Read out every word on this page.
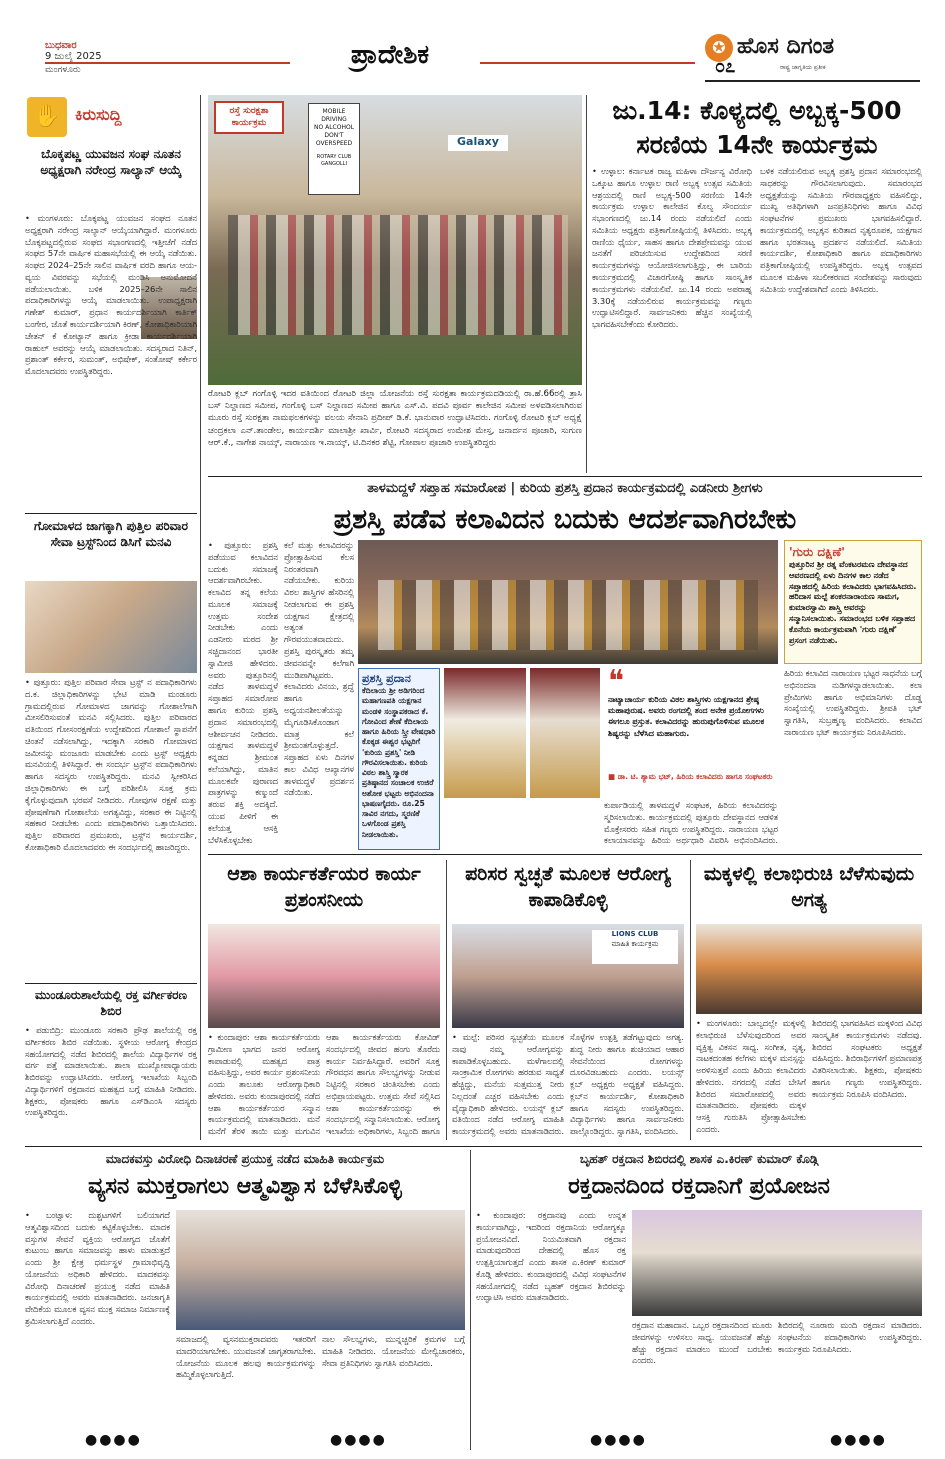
ಬುಧವಾರ
9 ಜುಲೈ 2025
ಮಂಗಳೂರು	ಪ್ರಾದೇಶಿಕ	✪ ಹೊಸ ದಿಗಂತ
ರಾಷ್ಟ್ರ ಜಾಗೃತಿಯ ಪ್ರತೀಕ
೦೭
✋ ಕಿರುಸುದ್ದಿ
ಬೊಕ್ಕಪಟ್ಣ ಯುವಜನ ಸಂಘ ನೂತನ ಅಧ್ಯಕ್ಷರಾಗಿ ನರೇಂದ್ರ ಸಾಲ್ಯಾನ್ ಆಯ್ಕೆ
• ಮಂಗಳೂರು: ಬೊಕ್ಕಪಟ್ಣ ಯುವಜನ ಸಂಘದ ನೂತನ ಅಧ್ಯಕ್ಷರಾಗಿ ನರೇಂದ್ರ ಸಾಲ್ಯಾನ್ ಆಯ್ಕೆಯಾಗಿದ್ದಾರೆ. ಮಂಗಳೂರು ಬೊಕ್ಕಪಟ್ಣದಲ್ಲಿರುವ ಸಂಘದ ಸಭಾಂಗಣದಲ್ಲಿ ಇತ್ತೀಚೆಗೆ ನಡೆದ ಸಂಘದ 57ನೇ ವಾರ್ಷಿಕ ಮಹಾಸಭೆಯಲ್ಲಿ ಈ ಆಯ್ಕೆ ನಡೆಯಿತು. ಸಂಘದ 2024–25ನೇ ಸಾಲಿನ ವಾರ್ಷಿಕ ವರದಿ ಹಾಗೂ ಆಯ-ವ್ಯಯ ವಿವರವನ್ನು ಸಭೆಯಲ್ಲಿ ಮಂಡಿಸಿ ಅನುಮೋದನೆ ಪಡೆಯಲಾಯಿತು. ಬಳಿಕ 2025–26ನೇ ಸಾಲಿನ ಪದಾಧಿಕಾರಿಗಳನ್ನು ಆಯ್ಕೆ ಮಾಡಲಾಯಿತು. ಉಪಾಧ್ಯಕ್ಷರಾಗಿ ಗಣೇಶ್ ಕುಮಾರ್, ಪ್ರಧಾನ ಕಾರ್ಯದರ್ಶಿಯಾಗಿ ಕಾರ್ತಿಕ್ ಬಂಗೇರ, ಜೊತೆ ಕಾರ್ಯದರ್ಶಿಯಾಗಿ ಕಿರಣ್, ಕೋಶಾಧಿಕಾರಿಯಾಗಿ ಚೇತನ್ ಕೆ ಕೋಟ್ಯಾನ್ ಹಾಗೂ ಕ್ರೀಡಾ ಕಾರ್ಯದರ್ಶಿಯಾಗಿ ರಾಹುಲ್ ಅವರನ್ನು ಆಯ್ಕೆ ಮಾಡಲಾಯಿತು. ಸದಸ್ಯರಾದ ನಿತಿನ್, ಪ್ರಶಾಂತ್ ಕರ್ಕೇರ, ಸುಮಂತ್, ಅಭಿಷೇಕ್, ಸಂತೋಷ್ ಕರ್ಕೇರ ಮೊದಲಾದವರು ಉಪಸ್ಥಿತರಿದ್ದರು.
ಗೋಮಾಳದ ಜಾಗಕ್ಕಾಗಿ ಪುತ್ತಿಲ ಪರಿವಾರ ಸೇವಾ ಟ್ರಸ್ಟ್‌ನಿಂದ ಡಿಸಿಗೆ ಮನವಿ
• ಪುತ್ತೂರು: ಪುತ್ತಿಲ ಪರಿವಾರ ಸೇವಾ ಟ್ರಸ್ಟ್ ನ ಪದಾಧಿಕಾರಿಗಳು ದ.ಕ. ಜಿಲ್ಲಾಧಿಕಾರಿಗಳನ್ನು ಭೇಟಿ ಮಾಡಿ ಮಂಡೂರು ಗ್ರಾಮದಲ್ಲಿರುವ ಗೋಮಾಳದ ಜಾಗವನ್ನು ಗೋಶಾಲೆಗಾಗಿ ಮೀಸಲಿರಿಸುವಂತೆ ಮನವಿ ಸಲ್ಲಿಸಿದರು. ಪುತ್ತಿಲ ಪರಿವಾರದ ವತಿಯಿಂದ ಗೋಸಂರಕ್ಷಣೆಯ ಉದ್ದೇಶದಿಂದ ಗೋಶಾಲೆ ಸ್ಥಾಪನೆಗೆ ಚಿಂತನೆ ನಡೆಸಲಾಗಿದ್ದು, ಇದಕ್ಕಾಗಿ ಸರಕಾರಿ ಗೋಮಾಳದ ಜಮೀನನ್ನು ಮಂಜೂರು ಮಾಡಬೇಕು ಎಂದು ಟ್ರಸ್ಟ್ ಅಧ್ಯಕ್ಷರು ಮನವಿಯಲ್ಲಿ ತಿಳಿಸಿದ್ದಾರೆ. ಈ ಸಂದರ್ಭ ಟ್ರಸ್ಟ್‌ನ ಪದಾಧಿಕಾರಿಗಳು ಹಾಗೂ ಸದಸ್ಯರು ಉಪಸ್ಥಿತರಿದ್ದರು. ಮನವಿ ಸ್ವೀಕರಿಸಿದ ಜಿಲ್ಲಾಧಿಕಾರಿಗಳು ಈ ಬಗ್ಗೆ ಪರಿಶೀಲಿಸಿ ಸೂಕ್ತ ಕ್ರಮ ಕೈಗೊಳ್ಳುವುದಾಗಿ ಭರವಸೆ ನೀಡಿದರು. ಗೋವುಗಳ ರಕ್ಷಣೆ ಮತ್ತು ಪೋಷಣೆಗಾಗಿ ಗೋಶಾಲೆಯ ಅಗತ್ಯವಿದ್ದು, ಸರಕಾರ ಈ ನಿಟ್ಟಿನಲ್ಲಿ ಸಹಕಾರ ನೀಡಬೇಕು ಎಂದು ಪದಾಧಿಕಾರಿಗಳು ಒತ್ತಾಯಿಸಿದರು. ಪುತ್ತಿಲ ಪರಿವಾರದ ಪ್ರಮುಖರು, ಟ್ರಸ್ಟ್‌ನ ಕಾರ್ಯದರ್ಶಿ, ಕೋಶಾಧಿಕಾರಿ ಮೊದಲಾದವರು ಈ ಸಂದರ್ಭದಲ್ಲಿ ಹಾಜರಿದ್ದರು.
ಮುಂಡೂರುಶಾಲೆಯಲ್ಲಿ ರಕ್ತ ವರ್ಗೀಕರಣ ಶಿಬಿರ
• ಪಡುಬಿದ್ರಿ: ಮುಂಡೂರು ಸರಕಾರಿ ಪ್ರೌಢ ಶಾಲೆಯಲ್ಲಿ ರಕ್ತ ವರ್ಗೀಕರಣ ಶಿಬಿರ ನಡೆಯಿತು. ಸ್ಥಳೀಯ ಆರೋಗ್ಯ ಕೇಂದ್ರದ ಸಹಯೋಗದಲ್ಲಿ ನಡೆದ ಶಿಬಿರದಲ್ಲಿ ಶಾಲೆಯ ವಿದ್ಯಾರ್ಥಿಗಳ ರಕ್ತ ವರ್ಗ ಪತ್ತೆ ಮಾಡಲಾಯಿತು. ಶಾಲಾ ಮುಖ್ಯೋಪಾಧ್ಯಾಯರು ಶಿಬಿರವನ್ನು ಉದ್ಘಾಟಿಸಿದರು. ಆರೋಗ್ಯ ಇಲಾಖೆಯ ಸಿಬ್ಬಂದಿ ವಿದ್ಯಾರ್ಥಿಗಳಿಗೆ ರಕ್ತದಾನದ ಮಹತ್ವದ ಬಗ್ಗೆ ಮಾಹಿತಿ ನೀಡಿದರು. ಶಿಕ್ಷಕರು, ಪೋಷಕರು ಹಾಗೂ ಎಸ್‌ಡಿಎಂಸಿ ಸದಸ್ಯರು ಉಪಸ್ಥಿತರಿದ್ದರು.
ರಸ್ತೆ ಸುರಕ್ಷತಾ ಕಾರ್ಯಕ್ರಮ
MOBILE
DRIVING
NO ALCOHOL
DON'T
OVERSPEED
ROTARY CLUB GANGOLLI
Galaxy
ರೋಟರಿ ಕ್ಲಬ್ ಗಂಗೊಳ್ಳಿ ಇದರ ವತಿಯಿಂದ ರೋಟರಿ ಜಿಲ್ಲಾ ಯೋಜನೆಯ ರಸ್ತೆ ಸುರಕ್ಷತಾ ಕಾರ್ಯಕ್ರಮದಡಿಯಲ್ಲಿ ರಾ.ಹೆ.66ರಲ್ಲಿ ತ್ರಾಸಿ ಬಸ್ ನಿಲ್ದಾಣದ ಸಮೀಪ, ಗಂಗೊಳ್ಳಿ ಬಸ್ ನಿಲ್ದಾಣದ ಸಮೀಪ ಹಾಗೂ ಎಸ್.ವಿ. ಪದವಿ ಪೂರ್ವ ಕಾಲೇಜಿನ ಸಮೀಪ ಅಳವಡಿಸಲಾಗಿರುವ ಮೂರು ರಸ್ತೆ ಸುರಕ್ಷತಾ ನಾಮಫಲಕಗಳನ್ನು ವಲಯ ಸೇನಾನಿ ಪ್ರದೀಪ್ ಡಿ.ಕೆ. ಭಾನುವಾರ ಉದ್ಘಾಟಿಸಿದರು. ಗಂಗೊಳ್ಳಿ ರೋಟರಿ ಕ್ಲಬ್ ಅಧ್ಯಕ್ಷೆ ಚಂದ್ರಕಲಾ ಎನ್.ತಾಂಡೇಲ, ಕಾರ್ಯದರ್ಶಿ ಮಾಲಾಶ್ರೀ ಖಾರ್ವಿ, ರೋಟರಿ ಸದಸ್ಯರಾದ ಉಮೇಶ ಮೇಸ್ತ, ಜನಾರ್ದನ ಪೂಜಾರಿ, ಸುಗುಣ ಆರ್.ಕೆ., ನಾಗೇಶ ನಾಯ್ಕ್, ನಾರಾಯಣ ಇ.ನಾಯ್ಕ್, ಟಿ.ದಿನಕರ ಶೆಟ್ಟಿ, ಗೋಪಾಲ ಪೂಜಾರಿ ಉಪಸ್ಥಿತರಿದ್ದರು
ಜು.14: ಕೊಳ್ಯದಲ್ಲಿ ಅಬ್ಬಕ್ಕ-500
ಸರಣಿಯ 14ನೇ ಕಾರ್ಯಕ್ರಮ
• ಉಳ್ಳಾಲ: ಕರ್ನಾಟಕ ರಾಜ್ಯ ಮಹಿಳಾ ದೌರ್ಜನ್ಯ ವಿರೋಧಿ ಒಕ್ಕೂಟ ಹಾಗೂ ಉಳ್ಳಾಲ ರಾಣಿ ಅಬ್ಬಕ್ಕ ಉತ್ಸವ ಸಮಿತಿಯ ಆಶ್ರಯದಲ್ಲಿ ರಾಣಿ ಅಬ್ಬಕ್ಕ-500 ಸರಣಿಯ 14ನೇ ಕಾರ್ಯಕ್ರಮ ಉಳ್ಳಾಲ ಕಾಲೇಜಿನ ಕೊಲ್ಯ ಸೌಂದರ್ಯ ಸಭಾಂಗಣದಲ್ಲಿ ಜು.14 ರಂದು ನಡೆಯಲಿದೆ ಎಂದು ಸಮಿತಿಯ ಅಧ್ಯಕ್ಷರು ಪತ್ರಿಕಾಗೋಷ್ಠಿಯಲ್ಲಿ ತಿಳಿಸಿದರು. ಅಬ್ಬಕ್ಕ ರಾಣಿಯ ಧೈರ್ಯ, ಸಾಹಸ ಹಾಗೂ ದೇಶಪ್ರೇಮವನ್ನು ಯುವ ಜನತೆಗೆ ಪರಿಚಯಿಸುವ ಉದ್ದೇಶದಿಂದ ಸರಣಿ ಕಾರ್ಯಕ್ರಮಗಳನ್ನು ಆಯೋಜಿಸಲಾಗುತ್ತಿದ್ದು, ಈ ಬಾರಿಯ ಕಾರ್ಯಕ್ರಮದಲ್ಲಿ ವಿಚಾರಗೋಷ್ಠಿ ಹಾಗೂ ಸಾಂಸ್ಕೃತಿಕ ಕಾರ್ಯಕ್ರಮಗಳು ನಡೆಯಲಿವೆ. ಜು.14 ರಂದು ಅಪರಾಹ್ನ 3.30ಕ್ಕೆ ನಡೆಯಲಿರುವ ಕಾರ್ಯಕ್ರಮವನ್ನು ಗಣ್ಯರು ಉದ್ಘಾಟಿಸಲಿದ್ದಾರೆ. ಸಾರ್ವಜನಿಕರು ಹೆಚ್ಚಿನ ಸಂಖ್ಯೆಯಲ್ಲಿ ಭಾಗವಹಿಸಬೇಕೆಂದು ಕೋರಿದರು.
ಬಳಿಕ ನಡೆಯಲಿರುವ ಅಬ್ಬಕ್ಕ ಪ್ರಶಸ್ತಿ ಪ್ರದಾನ ಸಮಾರಂಭದಲ್ಲಿ ಸಾಧಕರನ್ನು ಗೌರವಿಸಲಾಗುವುದು. ಸಮಾರಂಭದ ಅಧ್ಯಕ್ಷತೆಯನ್ನು ಸಮಿತಿಯ ಗೌರವಾಧ್ಯಕ್ಷರು ವಹಿಸಲಿದ್ದು, ಮುಖ್ಯ ಅತಿಥಿಗಳಾಗಿ ಜನಪ್ರತಿನಿಧಿಗಳು ಹಾಗೂ ವಿವಿಧ ಸಂಘಟನೆಗಳ ಪ್ರಮುಖರು ಭಾಗವಹಿಸಲಿದ್ದಾರೆ. ಕಾರ್ಯಕ್ರಮದಲ್ಲಿ ಅಬ್ಬಕ್ಕನ ಕುರಿತಾದ ನೃತ್ಯರೂಪಕ, ಯಕ್ಷಗಾನ ಹಾಗೂ ಭರತನಾಟ್ಯ ಪ್ರದರ್ಶನ ನಡೆಯಲಿದೆ. ಸಮಿತಿಯ ಕಾರ್ಯದರ್ಶಿ, ಕೋಶಾಧಿಕಾರಿ ಹಾಗೂ ಪದಾಧಿಕಾರಿಗಳು ಪತ್ರಿಕಾಗೋಷ್ಠಿಯಲ್ಲಿ ಉಪಸ್ಥಿತರಿದ್ದರು. ಅಬ್ಬಕ್ಕ ಉತ್ಸವದ ಮೂಲಕ ಮಹಿಳಾ ಸಬಲೀಕರಣದ ಸಂದೇಶವನ್ನು ಸಾರುವುದು ಸಮಿತಿಯ ಉದ್ದೇಶವಾಗಿದೆ ಎಂದು ತಿಳಿಸಿದರು.
ತಾಳಮದ್ದಳೆ ಸಪ್ತಾಹ ಸಮಾರೋಪ | ಕುರಿಯ ಪ್ರಶಸ್ತಿ ಪ್ರದಾನ ಕಾರ್ಯಕ್ರಮದಲ್ಲಿ ಎಡನೀರು ಶ್ರೀಗಳು
ಪ್ರಶಸ್ತಿ ಪಡೆವ ಕಲಾವಿದನ ಬದುಕು ಆದರ್ಶವಾಗಿರಬೇಕು
• ಪುತ್ತೂರು: ಪ್ರಶಸ್ತಿ ಪಡೆಯುವ ಕಲಾವಿದನ ಬದುಕು ಸಮಾಜಕ್ಕೆ ಆದರ್ಶವಾಗಿರಬೇಕು. ಕಲಾವಿದ ತನ್ನ ಕಲೆಯ ಮೂಲಕ ಸಮಾಜಕ್ಕೆ ಉತ್ತಮ ಸಂದೇಶ ನೀಡಬೇಕು ಎಂದು ಎಡನೀರು ಮಠದ ಶ್ರೀ ಸಚ್ಚಿದಾನಂದ ಭಾರತೀ ಸ್ವಾಮೀಜಿ ಹೇಳಿದರು. ಅವರು ಪುತ್ತೂರಿನಲ್ಲಿ ನಡೆದ ತಾಳಮದ್ದಳೆ ಸಪ್ತಾಹದ ಸಮಾರೋಪ ಹಾಗೂ ಕುರಿಯ ಪ್ರಶಸ್ತಿ ಪ್ರದಾನ ಸಮಾರಂಭದಲ್ಲಿ ಆಶೀರ್ವಚನ ನೀಡಿದರು. ಯಕ್ಷಗಾನ ತಾಳಮದ್ದಳೆ ಕನ್ನಡದ ಶ್ರೀಮಂತ ಕಲೆಯಾಗಿದ್ದು, ಮಾತಿನ ಮೂಲಕವೇ ಪುರಾಣದ ಪಾತ್ರಗಳನ್ನು ಕಣ್ಮುಂದೆ ತರುವ ಶಕ್ತಿ ಅದಕ್ಕಿದೆ. ಯುವ ಪೀಳಿಗೆ ಈ ಕಲೆಯತ್ತ ಆಸಕ್ತಿ ಬೆಳೆಸಿಕೊಳ್ಳಬೇಕು
ಕಲೆ ಮತ್ತು ಕಲಾವಿದರನ್ನು ಪ್ರೋತ್ಸಾಹಿಸುವ ಕೆಲಸ ನಿರಂತರವಾಗಿ ನಡೆಯಬೇಕು. ಕುರಿಯ ವಿಠಲ ಶಾಸ್ತ್ರಿಗಳ ಹೆಸರಿನಲ್ಲಿ ನೀಡಲಾಗುವ ಈ ಪ್ರಶಸ್ತಿ ಯಕ್ಷಗಾನ ಕ್ಷೇತ್ರದಲ್ಲಿ ಅತ್ಯಂತ ಗೌರವಯುತವಾದುದು. ಪ್ರಶಸ್ತಿ ಪುರಸ್ಕೃತರು ತಮ್ಮ ಜೀವನವನ್ನೇ ಕಲೆಗಾಗಿ ಮುಡಿಪಾಗಿಟ್ಟವರು. ಕಲಾವಿದರು ವಿನಯ, ಶ್ರದ್ಧೆ ಹಾಗೂ ಅಧ್ಯಯನಶೀಲತೆಯನ್ನು ಮೈಗೂಡಿಸಿಕೊಂಡಾಗ ಮಾತ್ರ ಕಲೆ ಶ್ರೀಮಂತಗೊಳ್ಳುತ್ತದೆ. ಸಪ್ತಾಹದ ಏಳು ದಿನಗಳ ಕಾಲ ವಿವಿಧ ಆಖ್ಯಾನಗಳ ತಾಳಮದ್ದಳೆ ಪ್ರದರ್ಶನ ನಡೆಯಿತು.
'ಗುರು ದಕ್ಷಿಣೆ'
ಪುತ್ತೂರಿನ ಶ್ರೀ ರತ್ನ ವೆಂಕಟರಮಣ ದೇವಸ್ಥಾನದ ಆವರಣದಲ್ಲಿ ಏಳು ದಿನಗಳ ಕಾಲ ನಡೆದ ಸಪ್ತಾಹದಲ್ಲಿ ಹಿರಿಯ ಕಲಾವಿದರು ಭಾಗವಹಿಸಿದರು. ಹರಿದಾಸ ಮಲ್ಪೆ ಶಂಕರನಾರಾಯಣ ಸಾಮಗ, ಕುಮಾರಸ್ವಾಮಿ ಶಾಸ್ತ್ರಿ ಅವರನ್ನು ಸನ್ಮಾನಿಸಲಾಯಿತು. ಸಮಾರಂಭದ ಬಳಿಕ ಸಪ್ತಾಹದ ಕೊನೆಯ ಕಾರ್ಯಕ್ರಮವಾಗಿ 'ಗುರು ದಕ್ಷಿಣೆ' ಪ್ರಸಂಗ ನಡೆಯಿತು.
ಪ್ರಶಸ್ತಿ ಪ್ರದಾನ
ಕೆದಿಲಾಯ ಶ್ರೀ ಅಡಿಗರಿಂದ ಮಹಾಗಣಪತಿ ಯಕ್ಷಗಾನ ಮಂಡಳಿ ಸಂಸ್ಥಾಪಕರಾದ ಕೆ. ಗೋವಿಂದ ಶೇಣೆ ಕೆದಿಲಾಯ ಹಾಗೂ ಹಿರಿಯ ಸ್ತ್ರೀ ವೇಷಧಾರಿ ಕೊಕ್ಕಡ ಈಶ್ವರ ಭಟ್ಟರಿಗೆ 'ಕುರಿಯ ಪ್ರಶಸ್ತಿ' ನೀಡಿ ಗೌರವಿಸಲಾಯಿತು. ಕುರಿಯ ವಿಠಲ ಶಾಸ್ತ್ರಿ ಸ್ಮಾರಕ ಪ್ರತಿಷ್ಠಾನದ ಸಂಚಾಲಕ ಉಜಿರೆ ಅಶೋಕ ಭಟ್ಟರು ಅಭಿನಂದನಾ ಭಾಷಣಗೈದರು. ರೂ.25 ಸಾವಿರ ನಗದು, ಸ್ಮರಣಿಕೆ ಒಳಗೊಂಡ ಪ್ರಶಸ್ತಿ ನೀಡಲಾಯಿತು.
❝
ನಾಟ್ಯಾಚಾರ್ಯ ಕುರಿಯ ವಿಠಲ ಶಾಸ್ತ್ರಿಗಳು ಯಕ್ಷಗಾನದ ಶ್ರೇಷ್ಠ ಮಹಾಪುರುಷ. ಅವರು ರಂಗದಲ್ಲಿ ತಂದ ಅನೇಕ ಪ್ರಯೋಗಗಳು ಈಗಲೂ ಪ್ರಸ್ತುತ. ಕಲಾವಿದರನ್ನು ಹುರುಪುಗೊಳಿಸುವ ಮೂಲಕ ಶಿಷ್ಯರನ್ನು ಬೆಳೆಸಿದ ಮಹಾಗುರು.
■ ಡಾ. ಟಿ. ಶ್ಯಾಮ ಭಟ್, ಹಿರಿಯ ಕಲಾವಿದರು ಹಾಗೂ ಸಂಘಟಕರು
ಕುರ್ಪಾಡಿಯಲ್ಲಿ ತಾಳಮದ್ದಳೆ ಸಂಘಟಕ, ಹಿರಿಯ ಕಲಾವಿದರನ್ನು ಸ್ಮರಿಸಲಾಯಿತು. ಕಾರ್ಯಕ್ರಮದಲ್ಲಿ ಪುತ್ತೂರು ದೇವಸ್ಥಾನದ ಆಡಳಿತ ಮೊಕ್ತೇಸರರು ಸಹಿತ ಗಣ್ಯರು ಉಪಸ್ಥಿತರಿದ್ದರು. ನಾರಾಯಣ ಭಟ್ಟರ ಕಲಾಯಾನವನ್ನು ಹಿರಿಯ ಅರ್ಥಧಾರಿ ವಿವರಿಸಿ ಅಭಿನಂದಿಸಿದರು.
ಹಿರಿಯ ಕಲಾವಿದ ನಾರಾಯಣ ಭಟ್ಟರ ಸಾಧನೆಯ ಬಗ್ಗೆ ಅಭಿನಂದನಾ ನುಡಿಗಳನ್ನಾಡಲಾಯಿತು. ಕಲಾ ಪ್ರೇಮಿಗಳು ಹಾಗೂ ಅಭಿಮಾನಿಗಳು ದೊಡ್ಡ ಸಂಖ್ಯೆಯಲ್ಲಿ ಉಪಸ್ಥಿತರಿದ್ದರು. ಶ್ರೀಪತಿ ಭಟ್ ಸ್ವಾಗತಿಸಿ, ಸುಬ್ರಹ್ಮಣ್ಯ ವಂದಿಸಿದರು. ಕಲಾವಿದ ನಾರಾಯಣ ಭಟ್ ಕಾರ್ಯಕ್ರಮ ನಿರೂಪಿಸಿದರು.
ಆಶಾ ಕಾರ್ಯಕರ್ತೆಯರ ಕಾರ್ಯ ಪ್ರಶಂಸನೀಯ
• ಕುಂದಾಪುರ: ಆಶಾ ಕಾರ್ಯಕರ್ತೆಯರು ಗ್ರಾಮೀಣ ಭಾಗದ ಜನರ ಆರೋಗ್ಯ ಕಾಪಾಡುವಲ್ಲಿ ಮಹತ್ವದ ಪಾತ್ರ ವಹಿಸುತ್ತಿದ್ದು, ಅವರ ಕಾರ್ಯ ಪ್ರಶಂಸನೀಯ ಎಂದು ತಾಲೂಕು ಆರೋಗ್ಯಾಧಿಕಾರಿ ಹೇಳಿದರು. ಅವರು ಕುಂದಾಪುರದಲ್ಲಿ ನಡೆದ ಆಶಾ ಕಾರ್ಯಕರ್ತೆಯರ ಸನ್ಮಾನ ಕಾರ್ಯಕ್ರಮದಲ್ಲಿ ಮಾತನಾಡಿದರು. ಮನೆ ಮನೆಗೆ ತೆರಳಿ ತಾಯಿ ಮತ್ತು ಮಗುವಿನ
ಆಶಾ ಕಾರ್ಯಕರ್ತೆಯರು ಕೋವಿಡ್ ಸಂದರ್ಭದಲ್ಲಿ ಜೀವದ ಹಂಗು ತೊರೆದು ಕಾರ್ಯ ನಿರ್ವಹಿಸಿದ್ದಾರೆ. ಅವರಿಗೆ ಸೂಕ್ತ ಗೌರವಧನ ಹಾಗೂ ಸೌಲಭ್ಯಗಳನ್ನು ನೀಡುವ ನಿಟ್ಟಿನಲ್ಲಿ ಸರಕಾರ ಚಿಂತಿಸಬೇಕು ಎಂದು ಅಭಿಪ್ರಾಯಪಟ್ಟರು. ಉತ್ತಮ ಸೇವೆ ಸಲ್ಲಿಸಿದ ಆಶಾ ಕಾರ್ಯಕರ್ತೆಯರನ್ನು ಈ ಸಂದರ್ಭದಲ್ಲಿ ಸನ್ಮಾನಿಸಲಾಯಿತು. ಆರೋಗ್ಯ ಇಲಾಖೆಯ ಅಧಿಕಾರಿಗಳು, ಸಿಬ್ಬಂದಿ ಹಾಗೂ
ಪರಿಸರ ಸ್ವಚ್ಛತೆ ಮೂಲಕ ಆರೋಗ್ಯ ಕಾಪಾಡಿಕೊಳ್ಳಿ
LIONS CLUB
ಮಾಹಿತಿ ಕಾರ್ಯಕ್ರಮ
• ಮಲ್ಪೆ: ಪರಿಸರ ಸ್ವಚ್ಛತೆಯ ಮೂಲಕ ನಾವು ನಮ್ಮ ಆರೋಗ್ಯವನ್ನು ಕಾಪಾಡಿಕೊಳ್ಳಬಹುದು. ಮಳೆಗಾಲದಲ್ಲಿ ಸಾಂಕ್ರಾಮಿಕ ರೋಗಗಳು ಹರಡುವ ಸಾಧ್ಯತೆ ಹೆಚ್ಚಿದ್ದು, ಮನೆಯ ಸುತ್ತಮುತ್ತ ನೀರು ನಿಲ್ಲದಂತೆ ಎಚ್ಚರ ವಹಿಸಬೇಕು ಎಂದು ವೈದ್ಯಾಧಿಕಾರಿ ಹೇಳಿದರು. ಲಯನ್ಸ್ ಕ್ಲಬ್ ವತಿಯಿಂದ ನಡೆದ ಆರೋಗ್ಯ ಮಾಹಿತಿ ಕಾರ್ಯಕ್ರಮದಲ್ಲಿ ಅವರು ಮಾತನಾಡಿದರು.
ಸೊಳ್ಳೆಗಳ ಉತ್ಪತ್ತಿ ತಡೆಗಟ್ಟುವುದು ಅಗತ್ಯ. ಶುದ್ಧ ನೀರು ಹಾಗೂ ಶುಚಿಯಾದ ಆಹಾರ ಸೇವನೆಯಿಂದ ರೋಗಗಳನ್ನು ದೂರವಿಡಬಹುದು ಎಂದರು. ಲಯನ್ಸ್ ಕ್ಲಬ್ ಅಧ್ಯಕ್ಷರು ಅಧ್ಯಕ್ಷತೆ ವಹಿಸಿದ್ದರು. ಕ್ಲಬ್‌ನ ಕಾರ್ಯದರ್ಶಿ, ಕೋಶಾಧಿಕಾರಿ ಹಾಗೂ ಸದಸ್ಯರು ಉಪಸ್ಥಿತರಿದ್ದರು. ವಿದ್ಯಾರ್ಥಿಗಳು ಹಾಗೂ ಸಾರ್ವಜನಿಕರು ಪಾಲ್ಗೊಂಡಿದ್ದರು. ಸ್ವಾಗತಿಸಿ, ವಂದಿಸಿದರು.
ಮಕ್ಕಳಲ್ಲಿ ಕಲಾಭಿರುಚಿ ಬೆಳೆಸುವುದು ಅಗತ್ಯ
• ಮಂಗಳೂರು: ಬಾಲ್ಯದಲ್ಲೇ ಮಕ್ಕಳಲ್ಲಿ ಕಲಾಭಿರುಚಿ ಬೆಳೆಸುವುದರಿಂದ ಅವರ ವ್ಯಕ್ತಿತ್ವ ವಿಕಸನ ಸಾಧ್ಯ. ಸಂಗೀತ, ನೃತ್ಯ, ನಾಟಕದಂತಹ ಕಲೆಗಳು ಮಕ್ಕಳ ಮನಸ್ಸನ್ನು ಅರಳಿಸುತ್ತವೆ ಎಂದು ಹಿರಿಯ ಕಲಾವಿದರು ಹೇಳಿದರು. ನಗರದಲ್ಲಿ ನಡೆದ ಬೇಸಿಗೆ ಶಿಬಿರದ ಸಮಾರೋಪದಲ್ಲಿ ಅವರು ಮಾತನಾಡಿದರು. ಪೋಷಕರು ಮಕ್ಕಳ ಆಸಕ್ತಿ ಗುರುತಿಸಿ ಪ್ರೋತ್ಸಾಹಿಸಬೇಕು ಎಂದರು.
ಶಿಬಿರದಲ್ಲಿ ಭಾಗವಹಿಸಿದ ಮಕ್ಕಳಿಂದ ವಿವಿಧ ಸಾಂಸ್ಕೃತಿಕ ಕಾರ್ಯಕ್ರಮಗಳು ನಡೆದವು. ಶಿಬಿರದ ಸಂಘಟಕರು ಅಧ್ಯಕ್ಷತೆ ವಹಿಸಿದ್ದರು. ಶಿಬಿರಾರ್ಥಿಗಳಿಗೆ ಪ್ರಮಾಣಪತ್ರ ವಿತರಿಸಲಾಯಿತು. ಶಿಕ್ಷಕರು, ಪೋಷಕರು ಹಾಗೂ ಗಣ್ಯರು ಉಪಸ್ಥಿತರಿದ್ದರು. ಕಾರ್ಯಕ್ರಮ ನಿರೂಪಿಸಿ ವಂದಿಸಿದರು.
ಮಾದಕವಸ್ತು ವಿರೋಧಿ ದಿನಾಚರಣೆ ಪ್ರಯುಕ್ತ ನಡೆದ ಮಾಹಿತಿ ಕಾರ್ಯಕ್ರಮ
ವ್ಯಸನ ಮುಕ್ತರಾಗಲು ಆತ್ಮವಿಶ್ವಾಸ ಬೆಳೆಸಿಕೊಳ್ಳಿ
• ಬಂಟ್ವಾಳ: ದುಶ್ಚಟಗಳಿಗೆ ಬಲಿಯಾಗದೆ ಆತ್ಮವಿಶ್ವಾಸದಿಂದ ಬದುಕು ಕಟ್ಟಿಕೊಳ್ಳಬೇಕು. ಮಾದಕ ವಸ್ತುಗಳ ಸೇವನೆ ವ್ಯಕ್ತಿಯ ಆರೋಗ್ಯದ ಜೊತೆಗೆ ಕುಟುಂಬ ಹಾಗೂ ಸಮಾಜವನ್ನು ಹಾಳು ಮಾಡುತ್ತದೆ ಎಂದು ಶ್ರೀ ಕ್ಷೇತ್ರ ಧರ್ಮಸ್ಥಳ ಗ್ರಾಮಾಭಿವೃದ್ಧಿ ಯೋಜನೆಯ ಅಧಿಕಾರಿ ಹೇಳಿದರು. ಮಾದಕವಸ್ತು ವಿರೋಧಿ ದಿನಾಚರಣೆ ಪ್ರಯುಕ್ತ ನಡೆದ ಮಾಹಿತಿ ಕಾರ್ಯಕ್ರಮದಲ್ಲಿ ಅವರು ಮಾತನಾಡಿದರು. ಜನಜಾಗೃತಿ ವೇದಿಕೆಯ ಮೂಲಕ ವ್ಯಸನ ಮುಕ್ತ ಸಮಾಜ ನಿರ್ಮಾಣಕ್ಕೆ ಶ್ರಮಿಸಲಾಗುತ್ತಿದೆ ಎಂದರು.
ಸಮಾಜದಲ್ಲಿ ವ್ಯಸನಮುಕ್ತರಾದವರು ಇತರರಿಗೆ ಮಾದರಿಯಾಗಬೇಕು. ಯುವಜನತೆ ಜಾಗೃತರಾಗಬೇಕು. ಯೋಜನೆಯ ಮೂಲಕ ಹಲವು ಕಾರ್ಯಕ್ರಮಗಳನ್ನು ಹಮ್ಮಿಕೊಳ್ಳಲಾಗುತ್ತಿದೆ.
ನಾಲ ಸೌಲಭ್ಯಗಳು, ಮುನ್ನಚ್ಚರಿಕೆ ಕ್ರಮಗಳ ಬಗ್ಗೆ ಮಾಹಿತಿ ನೀಡಿದರು. ಯೋಜನೆಯ ಮೇಲ್ವಿಚಾರಕರು, ಸೇವಾ ಪ್ರತಿನಿಧಿಗಳು ಸ್ವಾಗತಿಸಿ ವಂದಿಸಿದರು.
ಬೃಹತ್ ರಕ್ತದಾನ ಶಿಬಿರದಲ್ಲಿ ಶಾಸಕ ಎ.ಕಿರಣ್ ಕುಮಾರ್ ಕೊಡ್ಗಿ
ರಕ್ತದಾನದಿಂದ ರಕ್ತದಾನಿಗೆ ಪ್ರಯೋಜನ
• ಕುಂದಾಪುರ: ರಕ್ತದಾನವು ಎಂದು ಉನ್ನತ ಕಾರ್ಯವಾಗಿದ್ದು, ಇದರಿಂದ ರಕ್ತದಾನಿಯ ಆರೋಗ್ಯಕ್ಕೂ ಪ್ರಯೋಜನವಿದೆ. ನಿಯಮಿತವಾಗಿ ರಕ್ತದಾನ ಮಾಡುವುದರಿಂದ ದೇಹದಲ್ಲಿ ಹೊಸ ರಕ್ತ ಉತ್ಪತ್ತಿಯಾಗುತ್ತದೆ ಎಂದು ಶಾಸಕ ಎ.ಕಿರಣ್ ಕುಮಾರ್ ಕೊಡ್ಗಿ ಹೇಳಿದರು. ಕುಂದಾಪುರದಲ್ಲಿ ವಿವಿಧ ಸಂಘಟನೆಗಳ ಸಹಯೋಗದಲ್ಲಿ ನಡೆದ ಬೃಹತ್ ರಕ್ತದಾನ ಶಿಬಿರವನ್ನು ಉದ್ಘಾಟಿಸಿ ಅವರು ಮಾತನಾಡಿದರು.
ರಕ್ತದಾನ ಮಹಾದಾನ. ಒಬ್ಬರ ರಕ್ತದಾನದಿಂದ ಮೂರು ಜೀವಗಳನ್ನು ಉಳಿಸಲು ಸಾಧ್ಯ. ಯುವಜನತೆ ಹೆಚ್ಚು ಹೆಚ್ಚು ರಕ್ತದಾನ ಮಾಡಲು ಮುಂದೆ ಬರಬೇಕು ಎಂದರು.
ಶಿಬಿರದಲ್ಲಿ ನೂರಾರು ಮಂದಿ ರಕ್ತದಾನ ಮಾಡಿದರು. ಸಂಘಟನೆಯ ಪದಾಧಿಕಾರಿಗಳು ಉಪಸ್ಥಿತರಿದ್ದರು. ಕಾರ್ಯಕ್ರಮ ನಿರೂಪಿಸಿದರು.
●●●●	●●●●	●●●●	●●●●
